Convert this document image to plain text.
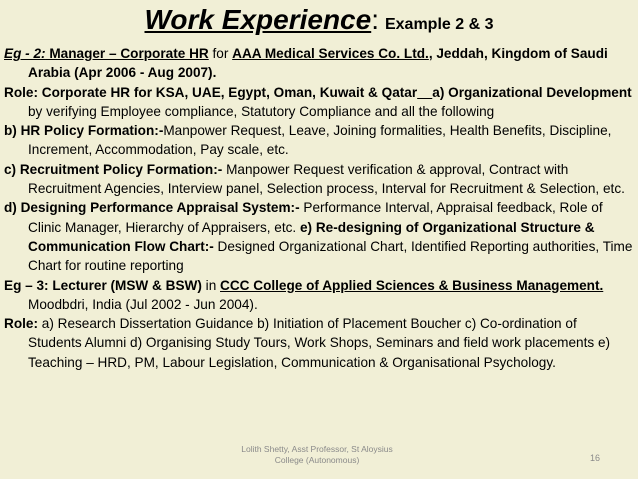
Work Experience: Example 2 & 3
Eg - 2: Manager – Corporate HR for AAA Medical Services Co. Ltd., Jeddah, Kingdom of Saudi Arabia (Apr 2006 - Aug 2007).
Role: Corporate HR for KSA, UAE, Egypt, Oman, Kuwait & Qatar a) Organizational Development by verifying Employee compliance, Statutory Compliance and all the following
b) HR Policy Formation:-Manpower Request, Leave, Joining formalities, Health Benefits, Discipline, Increment, Accommodation, Pay scale, etc.
c) Recruitment Policy Formation:- Manpower Request verification & approval, Contract with Recruitment Agencies, Interview panel, Selection process, Interval for Recruitment & Selection, etc.
d) Designing Performance Appraisal System:- Performance Interval, Appraisal feedback, Role of Clinic Manager, Hierarchy of Appraisers, etc. e) Re-designing of Organizational Structure & Communication Flow Chart:- Designed Organizational Chart, Identified Reporting authorities, Time Chart for routine reporting
Eg – 3: Lecturer (MSW & BSW) in CCC College of Applied Sciences & Business Management. Moodbdri, India (Jul 2002 - Jun 2004).
Role: a) Research Dissertation Guidance b) Initiation of Placement Boucher c) Co-ordination of Students Alumni d) Organising Study Tours, Work Shops, Seminars and field work placements e) Teaching – HRD, PM, Labour Legislation, Communication & Organisational Psychology.
Lolith Shetty, Asst Professor, St Aloysius
College (Autonomous)	16
